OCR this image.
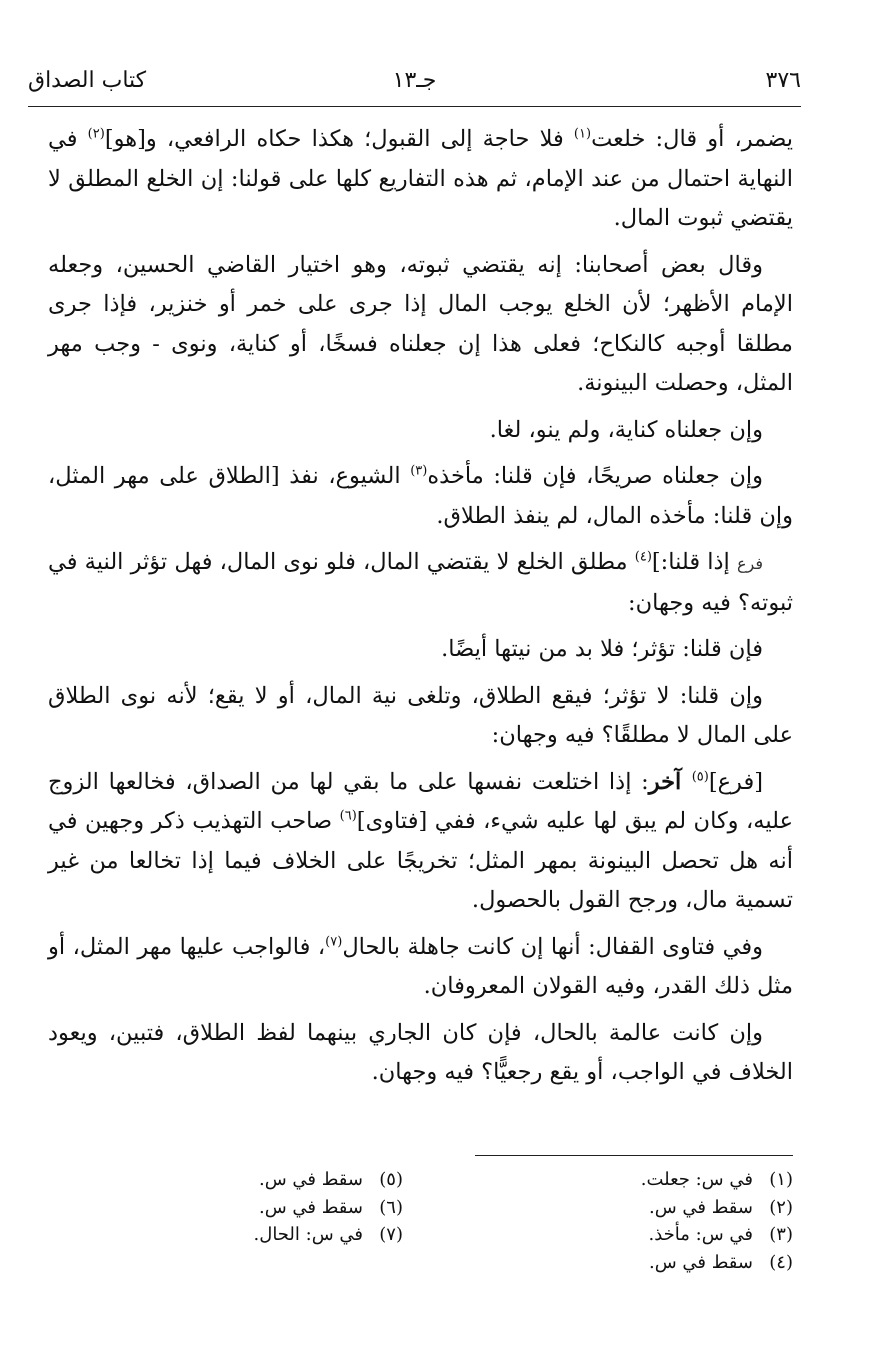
٣٧٦
جـ١٣
كتاب الصداق

يضمر، أو قال: خلعت$^{(١)}$ فلا حاجة إلى القبول؛ هكذا حكاه الرافعي، و[هو]$^{(٢)}$ في النهاية احتمال من عند الإمام، ثم هذه التفاريع كلها على قولنا: إن الخلع المطلق لا يقتضي ثبوت المال.

وقال بعض أصحابنا: إنه يقتضي ثبوته، وهو اختيار القاضي الحسين، وجعله الإمام الأظهر؛ لأن الخلع يوجب المال إذا جرى على خمر أو خنزير، فإذا جرى مطلقا أوجبه كالنكاح؛ فعلى هذا إن جعلناه فسخًا، أو كناية، ونوى - وجب مهر المثل، وحصلت البينونة.

وإن جعلناه كناية، ولم ينو، لغا.

وإن جعلناه صريحًا، فإن قلنا: مأخذه$^{(٣)}$ الشيوع، نفذ [الطلاق على مهر المثل، وإن قلنا: مأخذه المال، لم ينفذ الطلاق.

فرع إذا قلنا:]$^{(٤)}$ مطلق الخلع لا يقتضي المال، فلو نوى المال، فهل تؤثر النية في ثبوته؟ فيه وجهان:

فإن قلنا: تؤثر؛ فلا بد من نيتها أيضًا.

وإن قلنا: لا تؤثر؛ فيقع الطلاق، وتلغى نية المال، أو لا يقع؛ لأنه نوى الطلاق على المال لا مطلقًا؟ فيه وجهان:

[فرع]$^{(٥)}$ آخر: إذا اختلعت نفسها على ما بقي لها من الصداق، فخالعها الزوج عليه، وكان لم يبق لها عليه شيء، ففي [فتاوى]$^{(٦)}$ صاحب التهذيب ذكر وجهين في أنه هل تحصل البينونة بمهر المثل؛ تخريجًا على الخلاف فيما إذا تخالعا من غير تسمية مال، ورجح القول بالحصول.

وفي فتاوى القفال: أنها إن كانت جاهلة بالحال$^{(٧)}$، فالواجب عليها مهر المثل، أو مثل ذلك القدر، وفيه القولان المعروفان.

وإن كانت عالمة بالحال، فإن كان الجاري بينهما لفظ الطلاق، فتبين، ويعود الخلاف في الواجب، أو يقع رجعيًّا؟ فيه وجهان.

(١)في س: جعلت.
(٢)سقط في س.
(٣)في س: مأخذ.
(٤)سقط في س.
(٥)سقط في س.
(٦)سقط في س.
(٧)في س: الحال.
